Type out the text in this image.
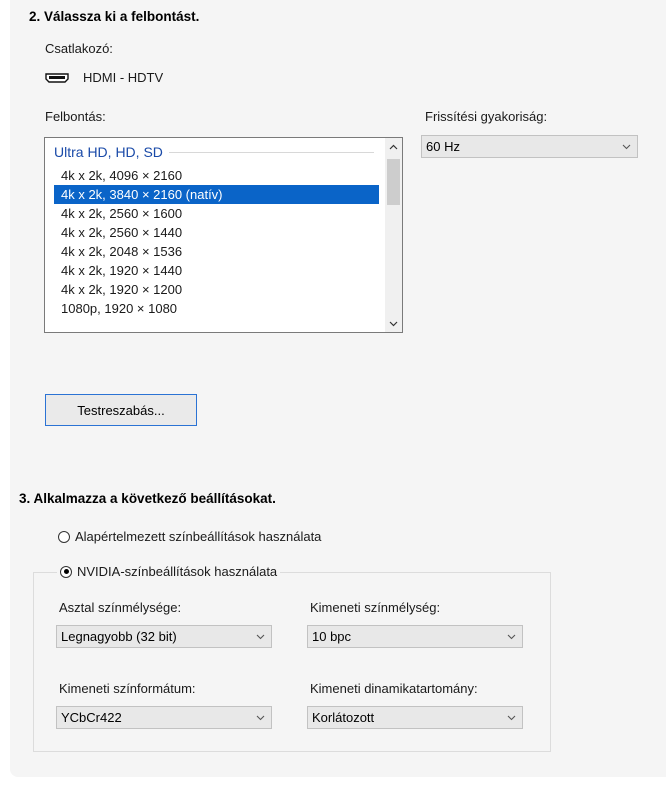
2. Válassza ki a felbontást.
Csatlakozó:
HDMI - HDTV
Felbontás:	Frissítési gyakoriság:
Ultra HD, HD, SD
4k x 2k, 4096 × 2160
4k x 2k, 3840 × 2160 (natív)
4k x 2k, 2560 × 1600
4k x 2k, 2560 × 1440
4k x 2k, 2048 × 1536
4k x 2k, 1920 × 1440
4k x 2k, 1920 × 1200
1080p, 1920 × 1080
60 Hz
Testreszabás...
3. Alkalmazza a következő beállításokat.
Alapértelmezett színbeállítások használata
NVIDIA-színbeállítások használata
Asztal színmélysége:	Kimeneti színmélység:
Legnagyobb (32 bit)	10 bpc
Kimeneti színformátum:	Kimeneti dinamikatartomány:
YCbCr422	Korlátozott
